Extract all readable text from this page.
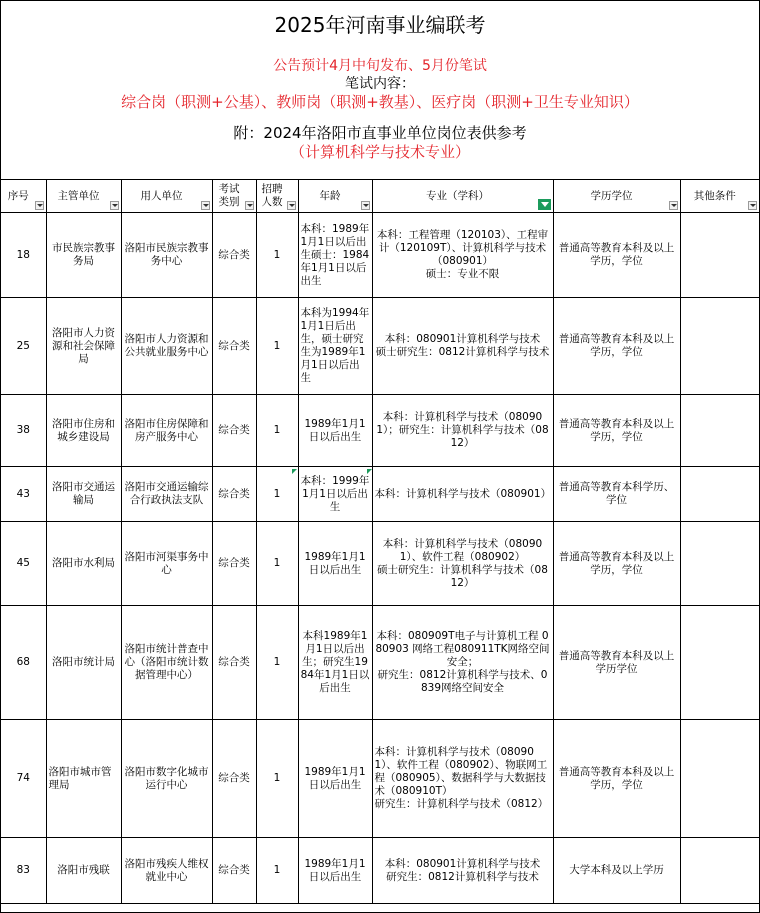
2025年河南事业编联考
公告预计4月中旬发布、5月份笔试
笔试内容：
综合岗（职测+公基）、教师岗（职测+教基）、医疗岗（职测+卫生专业知识）
附：2024年洛阳市直事业单位岗位表供参考
（计算机科学与技术专业）
序号	主管单位	用人单位	考试类别	招聘人数	年龄	专业（学科）	学历学位	其他条件

18	市民族宗教事务局	洛阳市民族宗教事务中心	综合类	1	本科：1989年1月1日以后出生硕士：1984年1月1日以后出生	本科：工程管理（120103）、工程审计（120109T）、计算机科学与技术（080901）
硕士：专业不限	普通高等教育本科及以上学历，学位	
25	洛阳市人力资源和社会保障局	洛阳市人力资源和公共就业服务中心	综合类	1	本科为1994年1月1日后出生，硕士研究生为1989年1月1日以后出生	本科：080901计算机科学与技术
硕士研究生：0812计算机科学与技术	普通高等教育本科及以上学历，学位	
38	洛阳市住房和城乡建设局	洛阳市住房保障和房产服务中心	综合类	1	1989年1月1日以后出生	本科：计算机科学与技术（080901）；研究生：计算机科学与技术（0812）	普通高等教育本科及以上学历，学位	
43	洛阳市交通运输局	洛阳市交通运输综合行政执法支队	综合类	1	本科：1999年1月1日以后出生	本科：计算机科学与技术（080901）	普通高等教育本科学历、学位	
45	洛阳市水利局	洛阳市河渠事务中心	综合类	1	1989年1月1日以后出生	本科：计算机科学与技术（080901）、软件工程（080902）
硕士研究生：计算机科学与技术（0812）	普通高等教育本科及以上学历，学位	
68	洛阳市统计局	洛阳市统计普查中心（洛阳市统计数据管理中心）	综合类	1	本科1989年1月1日以后出生；研究生1984年1月1日以后出生	本科：080909T电子与计算机工程 080903 网络工程080911TK网络空间安全；
研究生：0812计算机科学与技术、0839网络空间安全	普通高等教育本科及以上学历学位	
74	洛阳市城市管理局	洛阳市数字化城市运行中心	综合类	1	1989年1月1日以后出生	本科：计算机科学与技术（080901）、软件工程（080902）、物联网工程（080905）、数据科学与大数据技术（080910T）
研究生：计算机科学与技术（0812）	普通高等教育本科及以上学历，学位	
83	洛阳市残联	洛阳市残疾人维权就业中心	综合类	1	1989年1月1日以后出生	本科：080901计算机科学与技术
研究生：0812计算机科学与技术	大学本科及以上学历	
